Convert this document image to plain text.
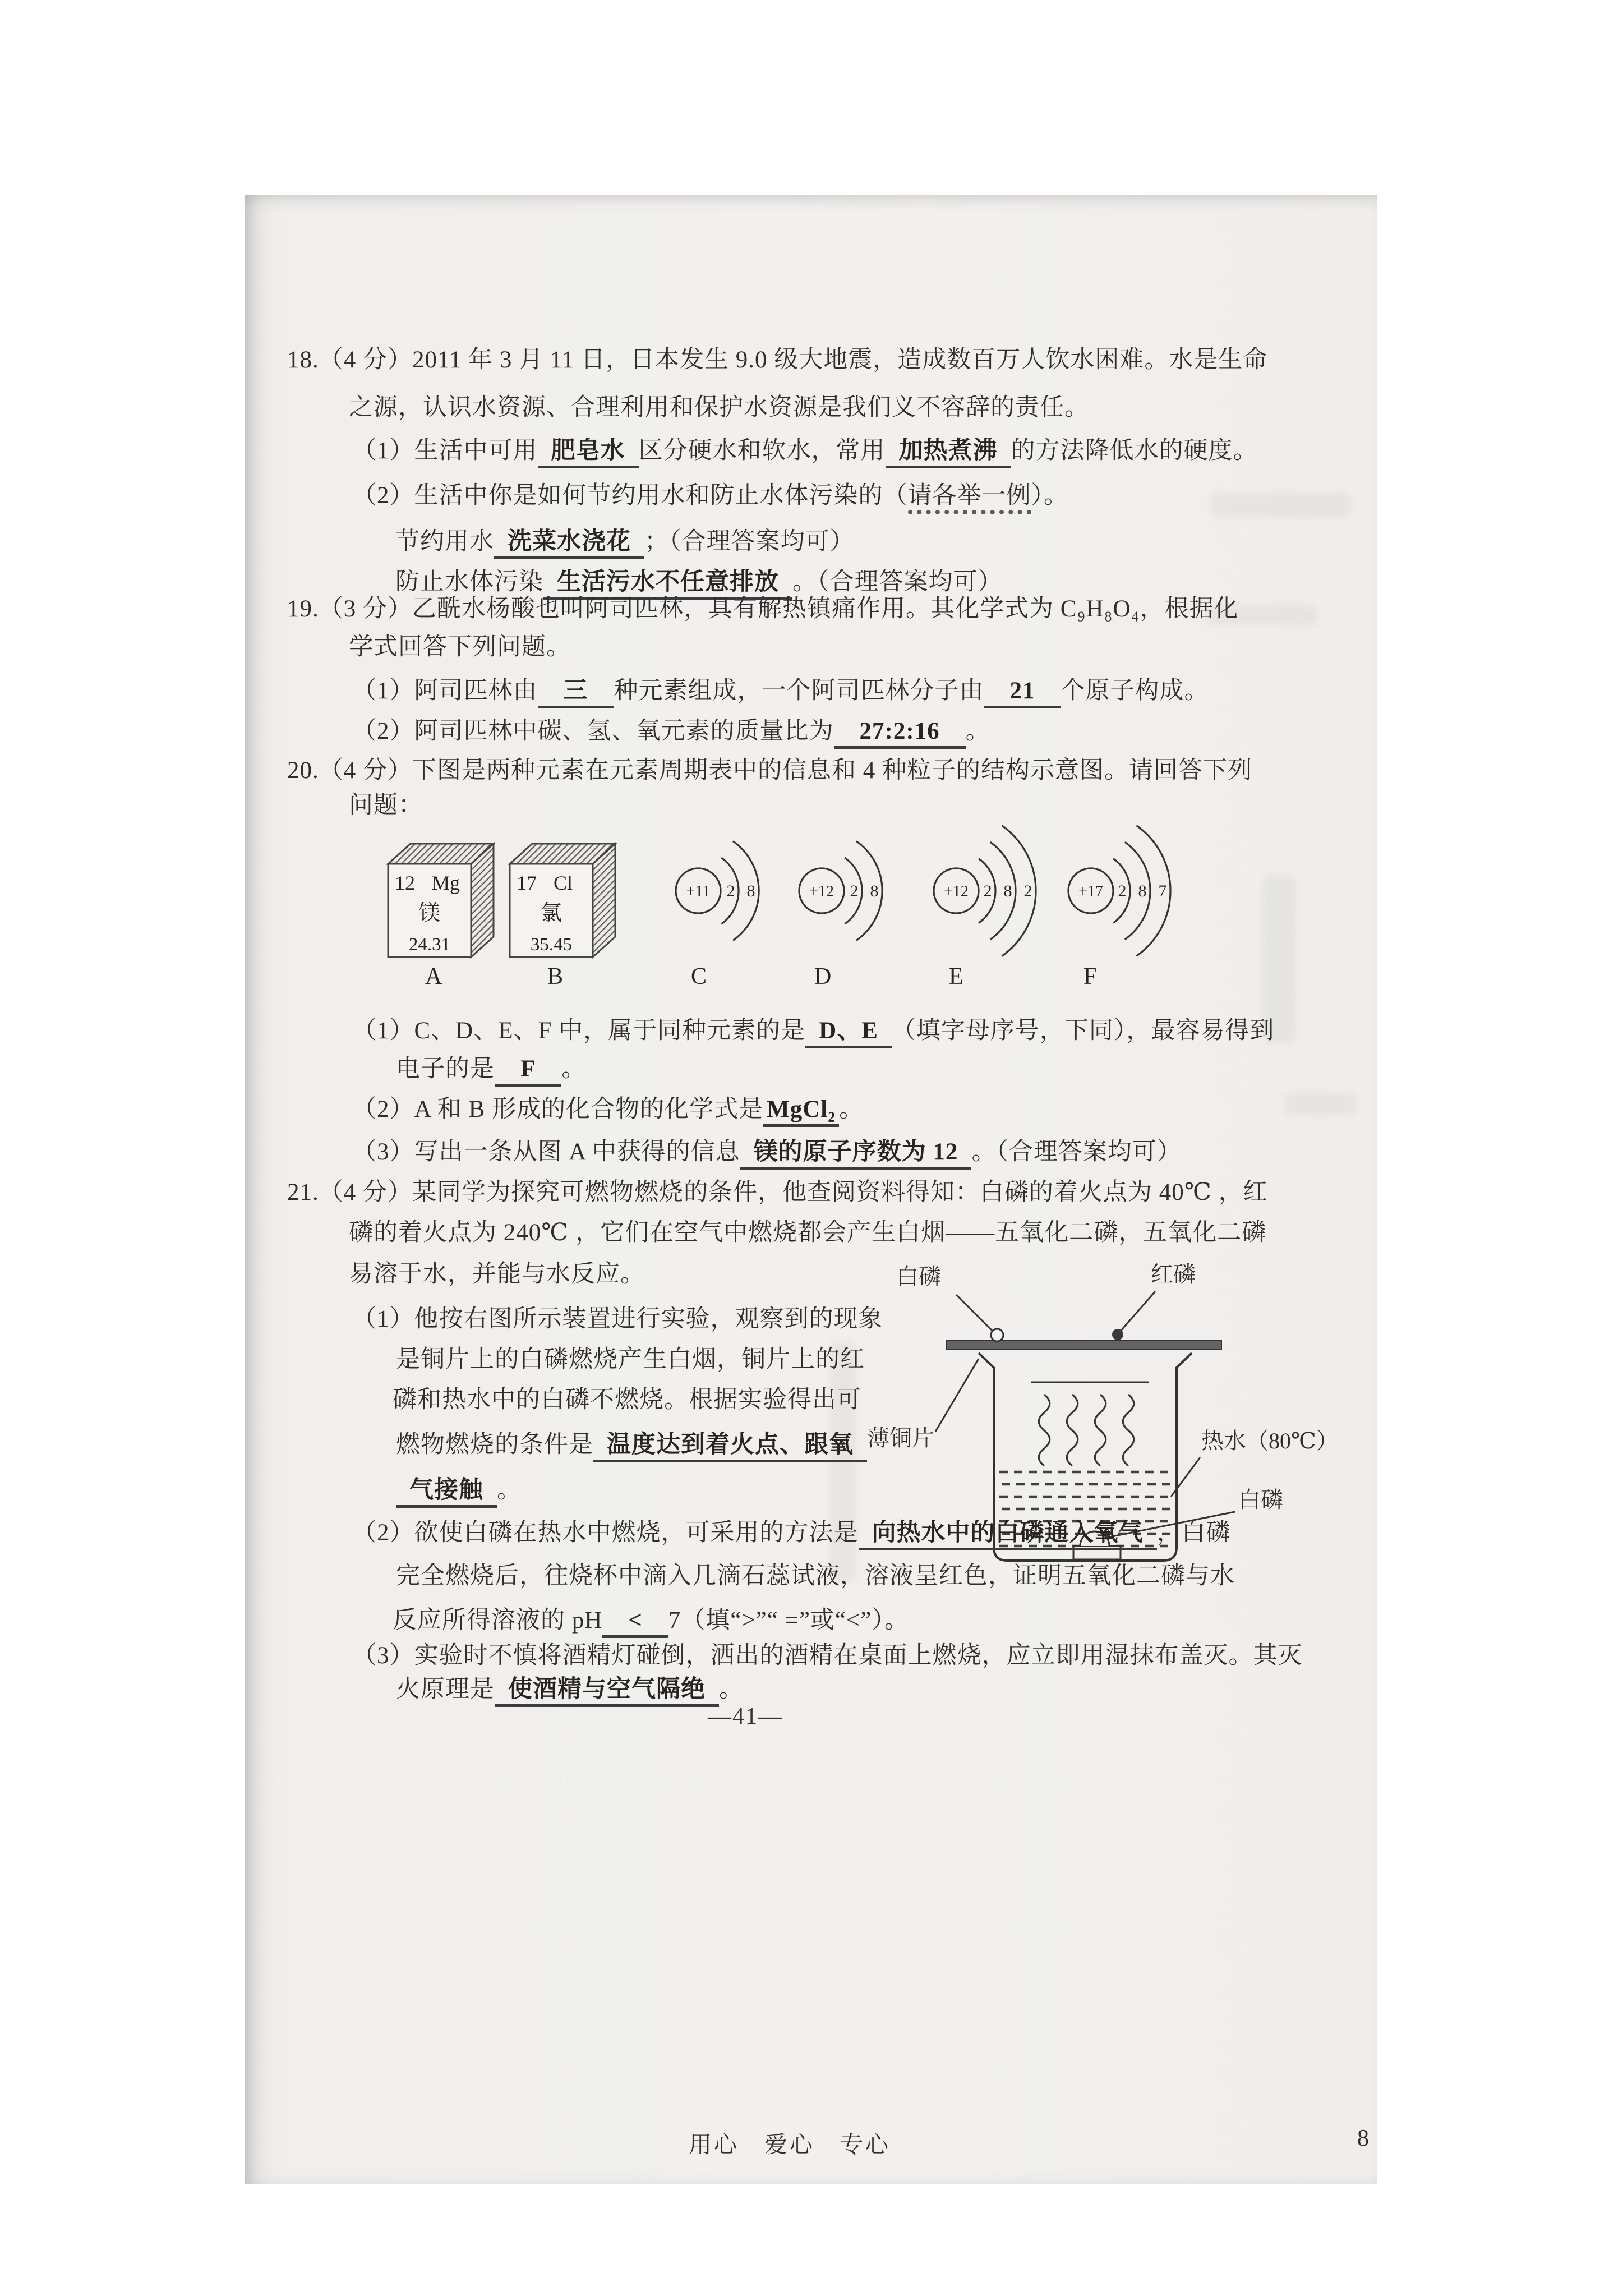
18.（4 分）2011 年 3 月 11 日，日本发生 9.0 级大地震，造成数百万人饮水困难。水是生命
之源，认识水资源、合理利用和保护水资源是我们义不容辞的责任。
（1）生活中可用 肥皂水 区分硬水和软水，常用 加热煮沸 的方法降低水的硬度。
（2）生活中你是如何节约用水和防止水体污染的（请各举一例）。
节约用水 洗菜水浇花 ；（合理答案均可）
防止水体污染 生活污水不任意排放 。（合理答案均可）
19.（3 分）乙酰水杨酸也叫阿司匹林，具有解热镇痛作用。其化学式为 C₉H₈O₄，根据化
学式回答下列问题。
（1）阿司匹林由 三 种元素组成，一个阿司匹林分子由 21 个原子构成。
（2）阿司匹林中碳、氢、氧元素的质量比为 27:2:16 。
20.（4 分）下图是两种元素在元素周期表中的信息和 4 种粒子的结构示意图。请回答下列
问题：
12 Mg
镁
24.31
17 Cl
氯
35.45
+11 2 8	+12 2 8	+12 2 8 2	+17 2 8 7
A	B	C	D	E	F
（1）C、D、E、F 中，属于同种元素的是 D、E （填字母序号，下同），最容易得到
电子的是 F 。
（2）A 和 B 形成的化合物的化学式是 MgCl₂ 。
（3）写出一条从图 A 中获得的信息 镁的原子序数为 12 。（合理答案均可）
21.（4 分）某同学为探究可燃物燃烧的条件，他查阅资料得知：白磷的着火点为 40℃ ，红
磷的着火点为 240℃ ，它们在空气中燃烧都会产生白烟——五氧化二磷，五氧化二磷
易溶于水，并能与水反应。
（1）他按右图所示装置进行实验，观察到的现象
是铜片上的白磷燃烧产生白烟，铜片上的红
磷和热水中的白磷不燃烧。根据实验得出可
燃物燃烧的条件是 温度达到着火点、跟氧
气接触 。
白磷	红磷
薄铜片	热水（80℃）
白磷
（2）欲使白磷在热水中燃烧，可采用的方法是 向热水中的白磷通入氧气 ，白磷
完全燃烧后，往烧杯中滴入几滴石蕊试液，溶液呈红色，证明五氧化二磷与水
反应所得溶液的 pH < 7（填“>”“ =”或“<”）。
（3）实验时不慎将酒精灯碰倒，洒出的酒精在桌面上燃烧，应立即用湿抹布盖灭。其灭
火原理是 使酒精与空气隔绝 。
—41—
用心　爱心　专心	8
